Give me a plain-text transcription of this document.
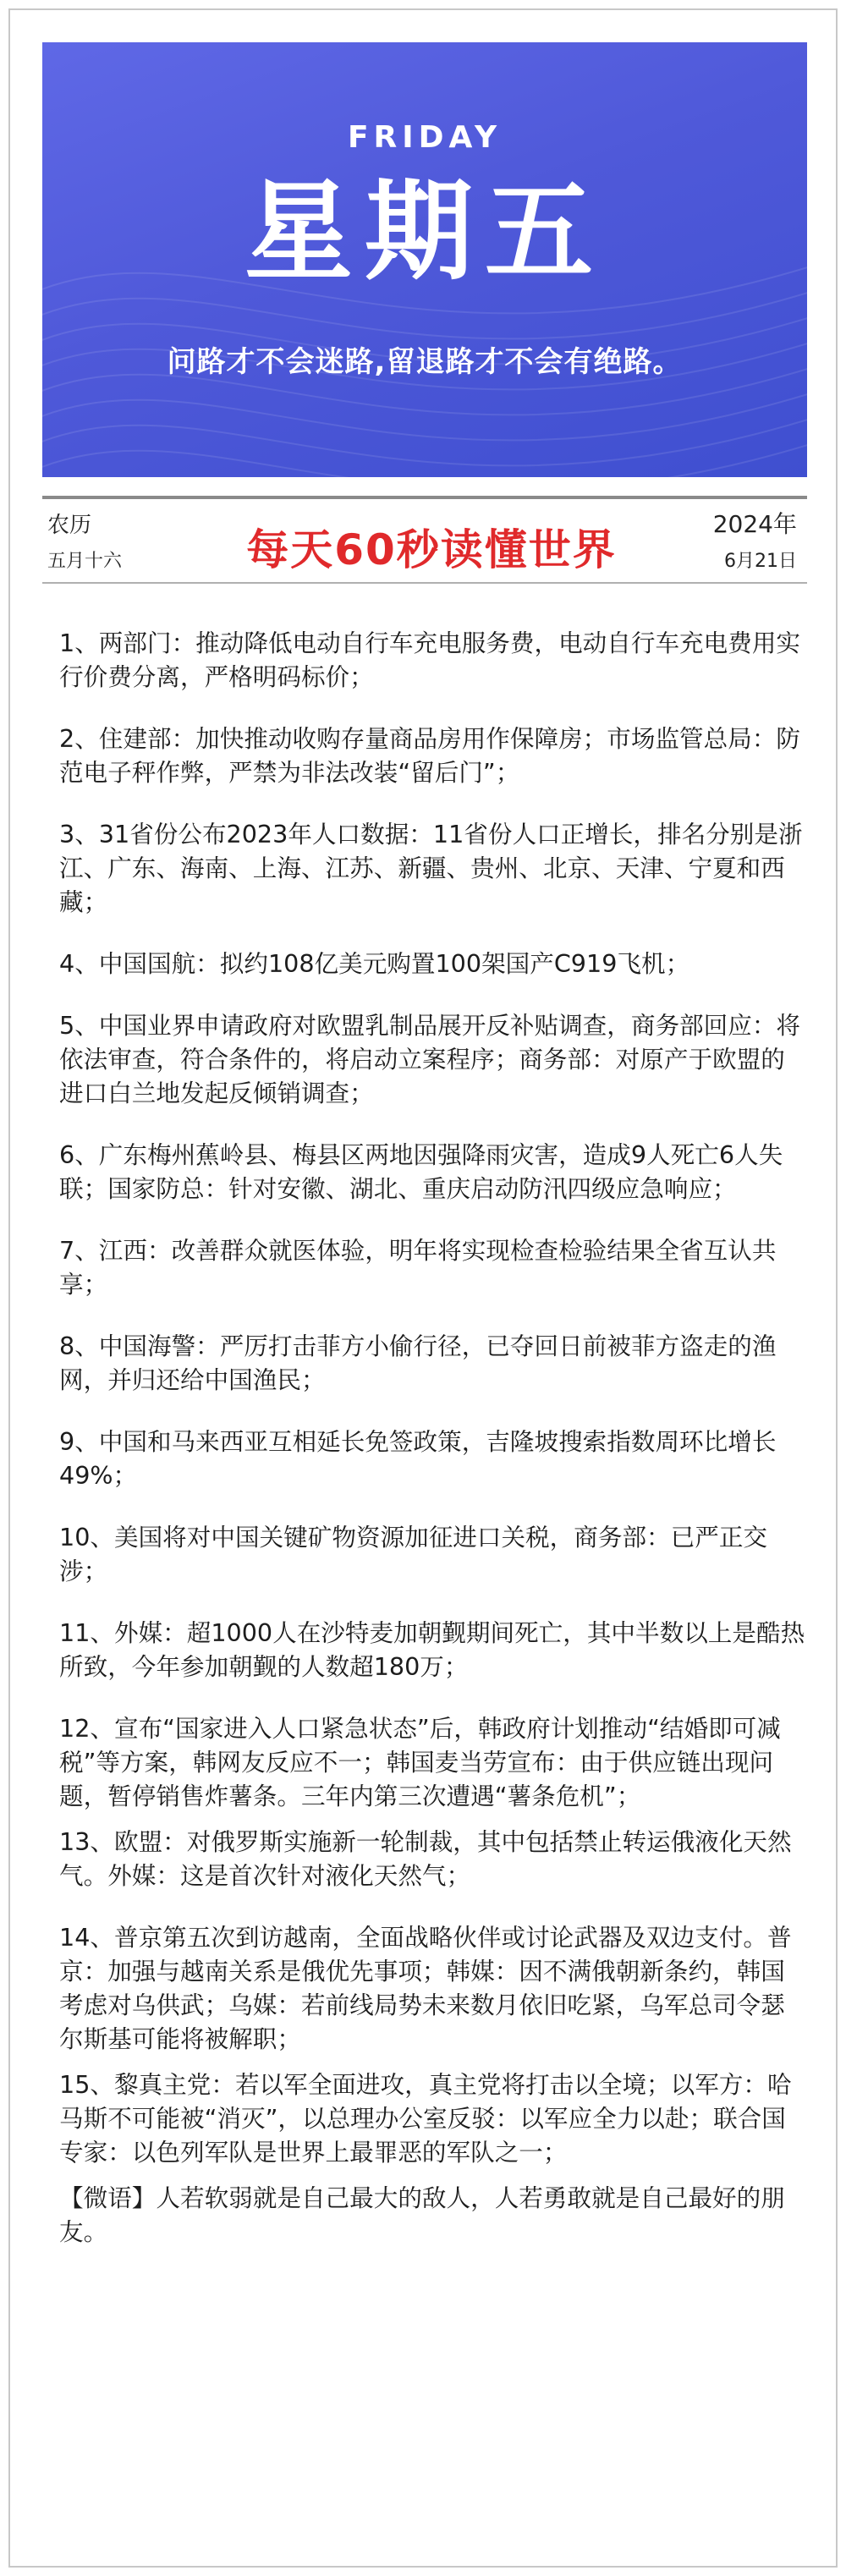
FRIDAY
星期五
问路才不会迷路,留退路才不会有绝路。
农历
五月十六	每天60秒读懂世界
2024年
6月21日

1、两部门：推动降低电动自行车充电服务费，电动自行车充电费用实行价费分离，严格明码标价；

2、住建部：加快推动收购存量商品房用作保障房；市场监管总局：防范电子秤作弊，严禁为非法改装“留后门”；

3、31省份公布2023年人口数据：11省份人口正增长，排名分别是浙江、广东、海南、上海、江苏、新疆、贵州、北京、天津、宁夏和西藏；

4、中国国航：拟约108亿美元购置100架国产C919飞机；

5、中国业界申请政府对欧盟乳制品展开反补贴调查，商务部回应：将依法审查，符合条件的，将启动立案程序；商务部：对原产于欧盟的进口白兰地发起反倾销调查；

6、广东梅州蕉岭县、梅县区两地因强降雨灾害，造成9人死亡6人失联；国家防总：针对安徽、湖北、重庆启动防汛四级应急响应；

7、江西：改善群众就医体验，明年将实现检查检验结果全省互认共享；

8、中国海警：严厉打击菲方小偷行径，已夺回日前被菲方盗走的渔网，并归还给中国渔民；

9、中国和马来西亚互相延长免签政策，吉隆坡搜索指数周环比增长49%；

10、美国将对中国关键矿物资源加征进口关税，商务部：已严正交涉；

11、外媒：超1000人在沙特麦加朝觐期间死亡，其中半数以上是酷热所致，今年参加朝觐的人数超180万；

12、宣布“国家进入人口紧急状态”后，韩政府计划推动“结婚即可减税”等方案，韩网友反应不一；韩国麦当劳宣布：由于供应链出现问题，暂停销售炸薯条。三年内第三次遭遇“薯条危机”；

13、欧盟：对俄罗斯实施新一轮制裁，其中包括禁止转运俄液化天然气。外媒：这是首次针对液化天然气；

14、普京第五次到访越南，全面战略伙伴或讨论武器及双边支付。普京：加强与越南关系是俄优先事项；韩媒：因不满俄朝新条约，韩国考虑对乌供武；乌媒：若前线局势未来数月依旧吃紧，乌军总司令瑟尔斯基可能将被解职；

15、黎真主党：若以军全面进攻，真主党将打击以全境；以军方：哈马斯不可能被“消灭”，以总理办公室反驳：以军应全力以赴；联合国专家：以色列军队是世界上最罪恶的军队之一；

【微语】人若软弱就是自己最大的敌人，人若勇敢就是自己最好的朋友。
